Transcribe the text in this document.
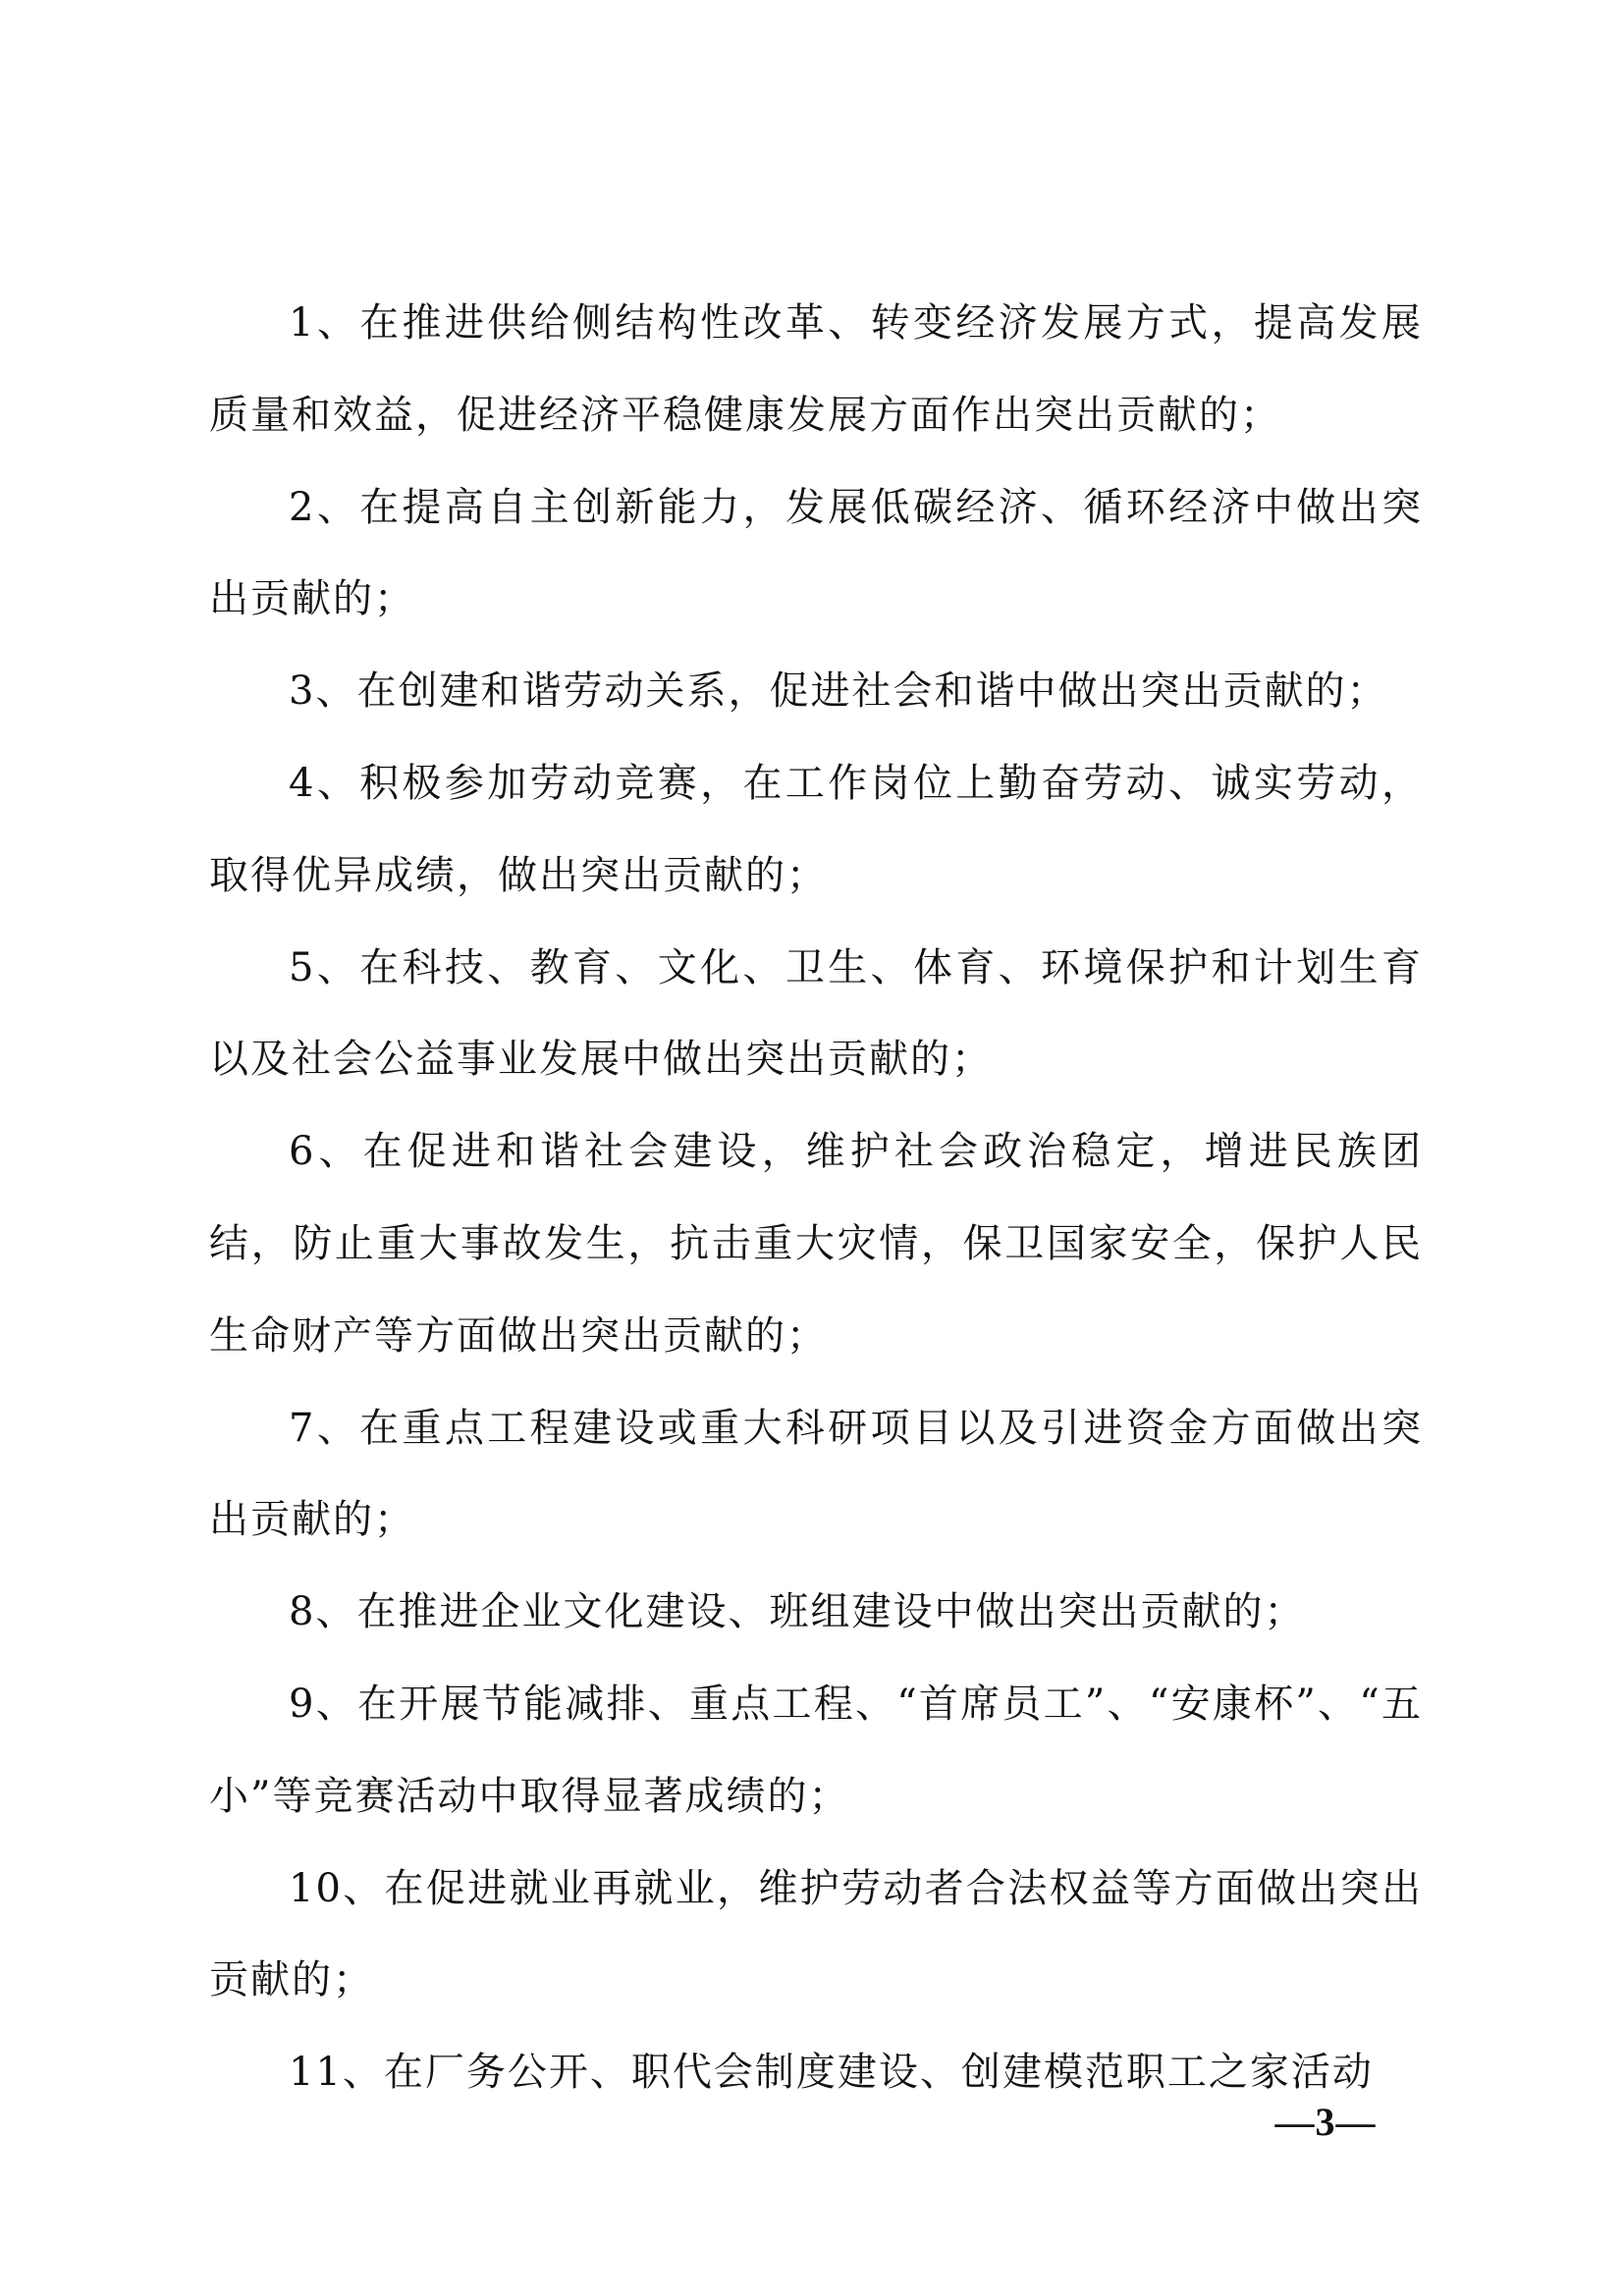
1、在推进供给侧结构性改革、转变经济发展方式，提高发展质量和效益，促进经济平稳健康发展方面作出突出贡献的；

2、在提高自主创新能力，发展低碳经济、循环经济中做出突出贡献的；

3、在创建和谐劳动关系，促进社会和谐中做出突出贡献的；

4、积极参加劳动竞赛，在工作岗位上勤奋劳动、诚实劳动，取得优异成绩，做出突出贡献的；

5、在科技、教育、文化、卫生、体育、环境保护和计划生育以及社会公益事业发展中做出突出贡献的；

6、在促进和谐社会建设，维护社会政治稳定，增进民族团结，防止重大事故发生，抗击重大灾情，保卫国家安全，保护人民生命财产等方面做出突出贡献的；

7、在重点工程建设或重大科研项目以及引进资金方面做出突出贡献的；

8、在推进企业文化建设、班组建设中做出突出贡献的；

9、在开展节能减排、重点工程、“首席员工”、“安康杯”、“五小”等竞赛活动中取得显著成绩的；

10、在促进就业再就业，维护劳动者合法权益等方面做出突出贡献的；

11、在厂务公开、职代会制度建设、创建模范职工之家活动

—3—
